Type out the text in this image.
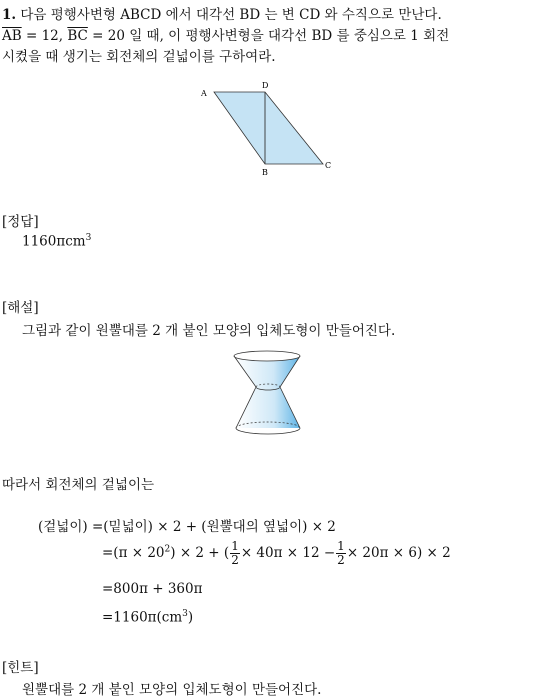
1. 다음 평행사변형 ABCD 에서 대각선 BD 는 변 CD 와 수직으로 만난다.
$\overline{AB} = 12$, $\overline{BC} = 20$ 일 때, 이 평행사변형을 대각선 BD 를 중심으로 1 회전
시켰을 때 생기는 회전체의 겉넓이를 구하여라.
A
D
C
B
[정답]
1160πcm$^3$
[해설]
그림과 같이 원뿔대를 2 개 붙인 모양의 입체도형이 만들어진다.
따라서 회전체의 겉넓이는
(겉넓이) =(밑넓이) × 2 + (원뿔대의 옆넓이) × 2
$=(\pi \times 20^2) \times 2$ + ( $\frac{1}{2} \times 40\pi \times 12 - \frac{1}{2} \times 20\pi \times 6) \times 2$
=800π + 360π
$=1160\pi(cm^3)$
[힌트]
원뿔대를 2 개 붙인 모양의 입체도형이 만들어진다.
